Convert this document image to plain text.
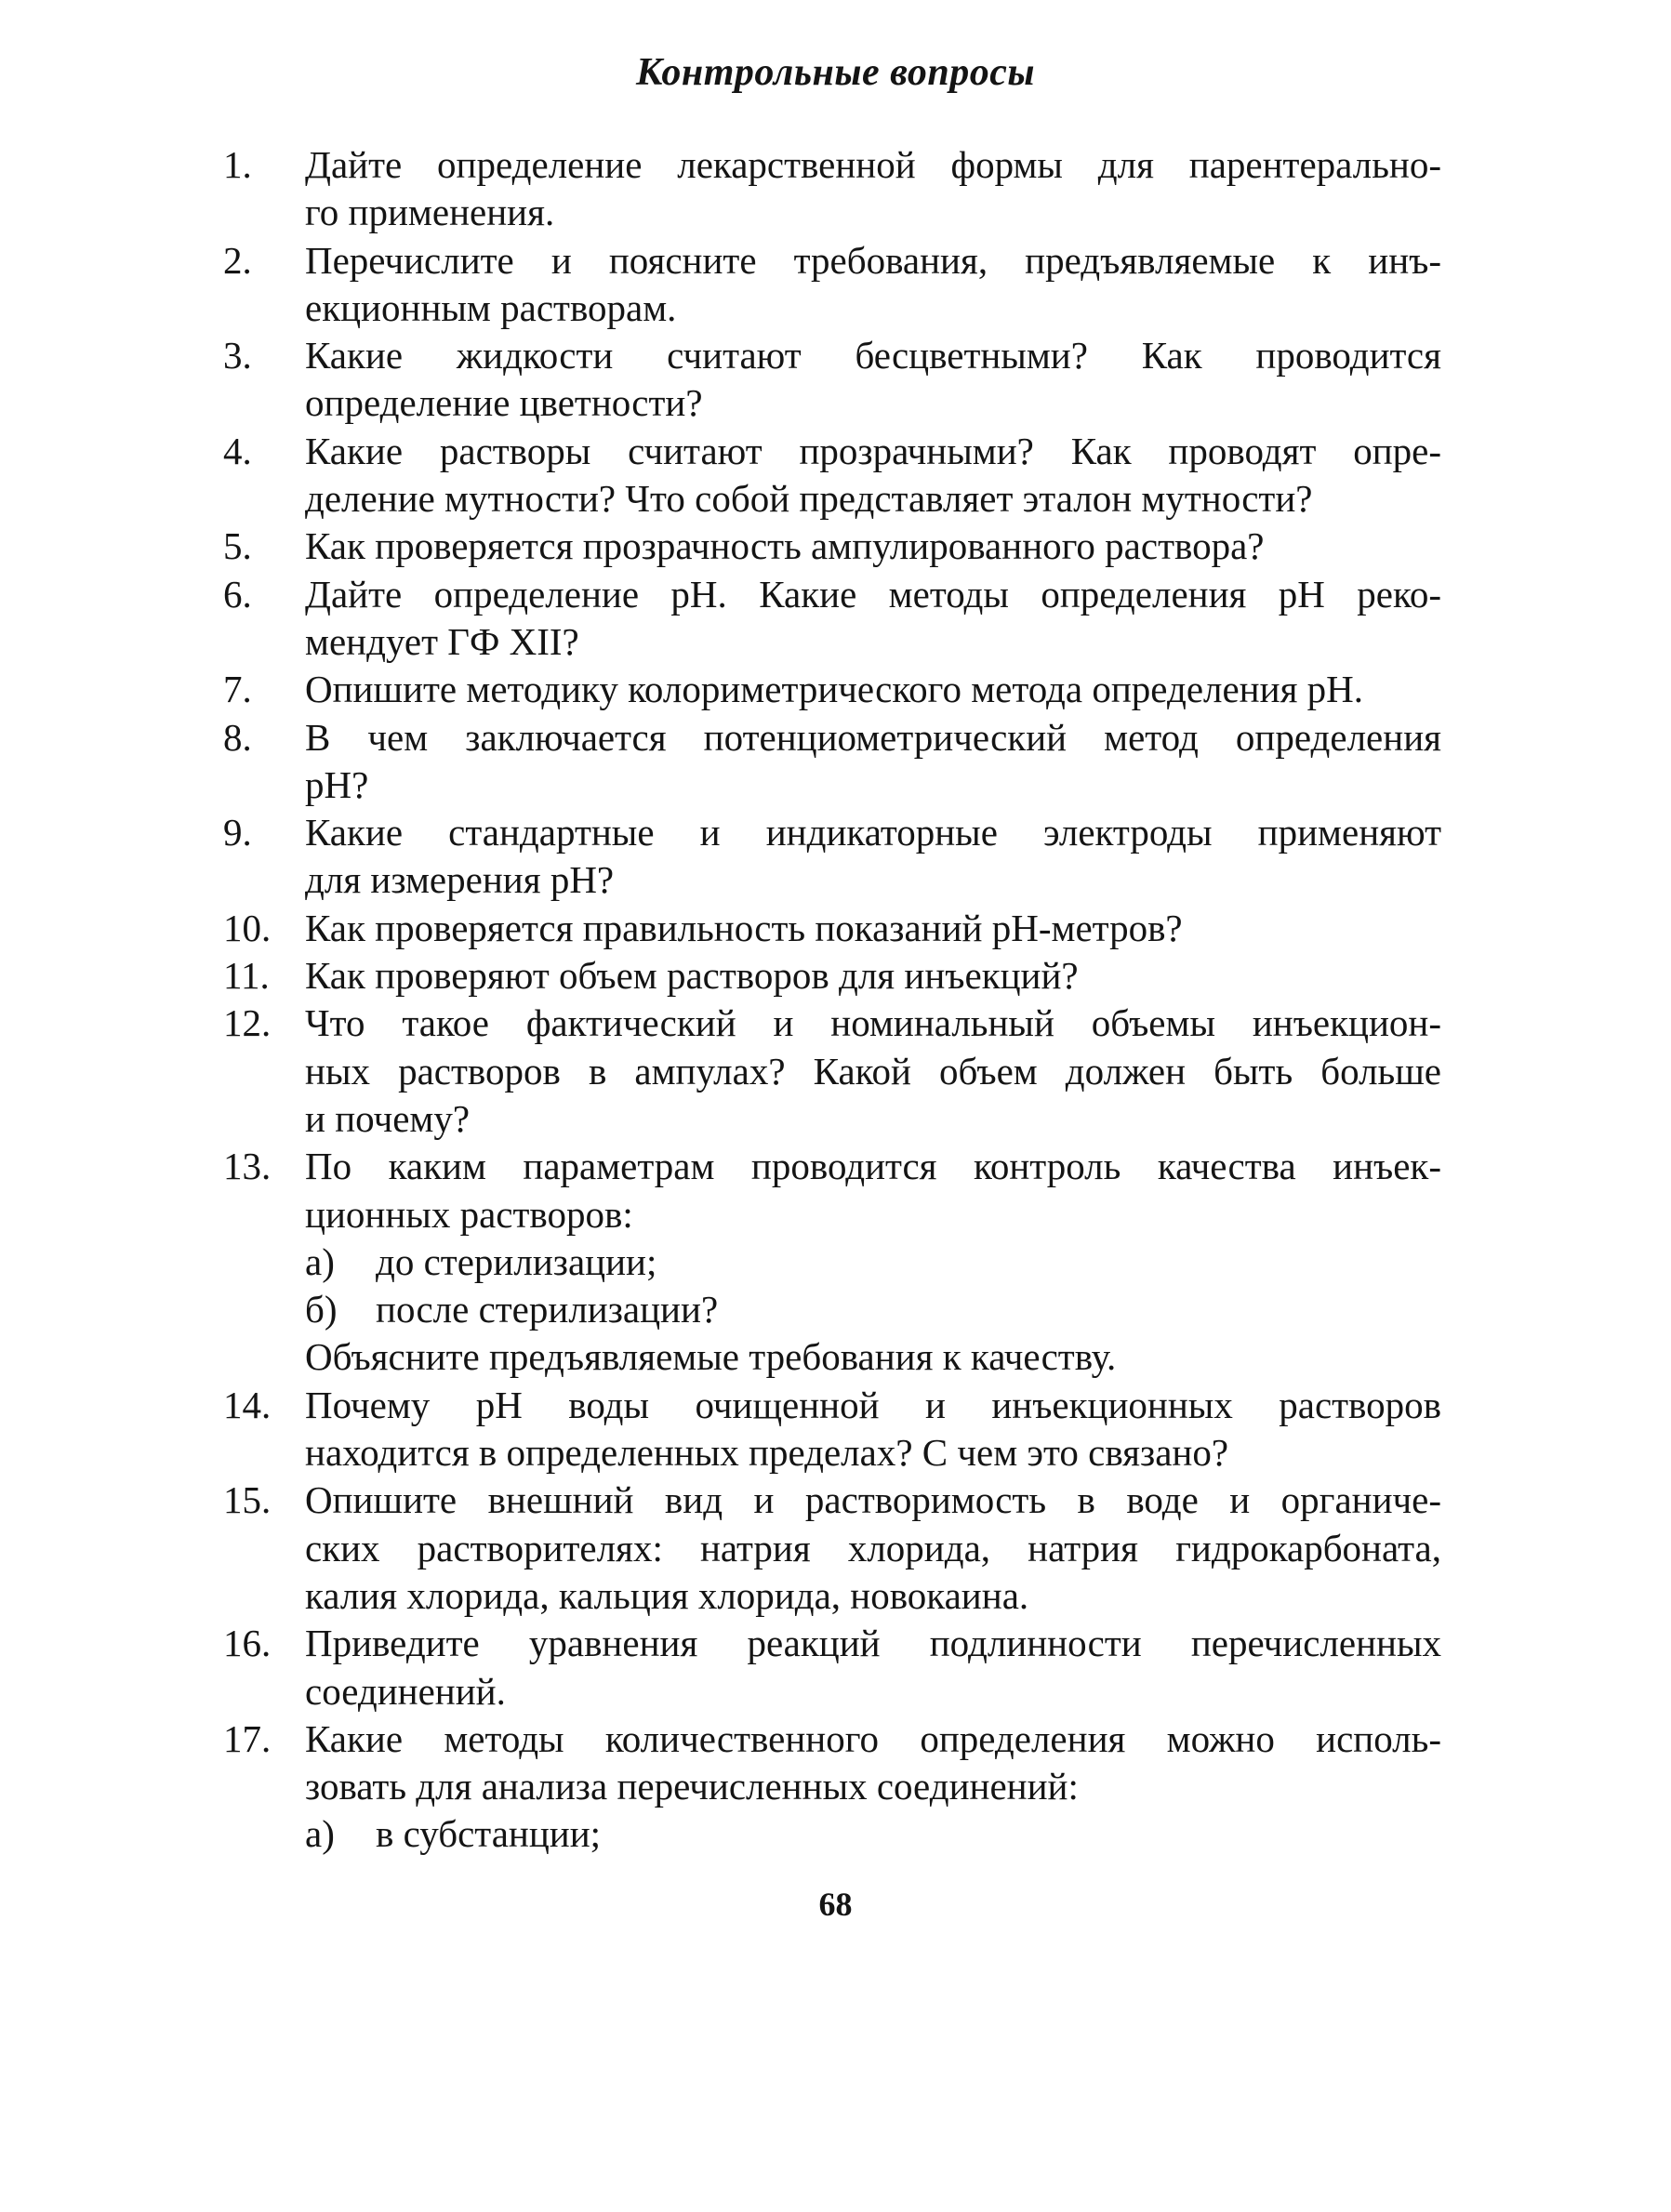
Контрольные вопросы
1.	Дайте определение лекарственной формы для парентерально-
го применения.
2.	Перечислите и поясните требования, предъявляемые к инъ-
екционным растворам.
3.	Какие жидкости считают бесцветными? Как проводится
определение цветности?
4.	Какие растворы считают прозрачными? Как проводят опре-
деление мутности? Что собой представляет эталон мутности?
5.	Как проверяется прозрачность ампулированного раствора?
6.	Дайте определение pH. Какие методы определения pH реко-
мендует ГФ XII?
7.	Опишите методику колориметрического метода определения pH.
8.	В чем заключается потенциометрический метод определения
pH?
9.	Какие стандартные и индикаторные электроды применяют
для измерения pH?
10. Как проверяется правильность показаний pH-метров?
11. Как проверяют объем растворов для инъекций?
12. Что такое фактический и номинальный объемы инъекцион-
ных растворов в ампулах? Какой объем должен быть больше
и почему?
13. По каким параметрам проводится контроль качества инъек-
ционных растворов:
а)	до стерилизации;
б)	после стерилизации?
Объясните предъявляемые требования к качеству.
14. Почему pH воды очищенной и инъекционных растворов
находится в определенных пределах? С чем это связано?
15. Опишите внешний вид и растворимость в воде и органиче-
ских растворителях: натрия хлорида, натрия гидрокарбоната,
калия хлорида, кальция хлорида, новокаина.
16. Приведите уравнения реакций подлинности перечисленных
соединений.
17. Какие методы количественного определения можно исполь-
зовать для анализа перечисленных соединений:
а)	в субстанции;
68
